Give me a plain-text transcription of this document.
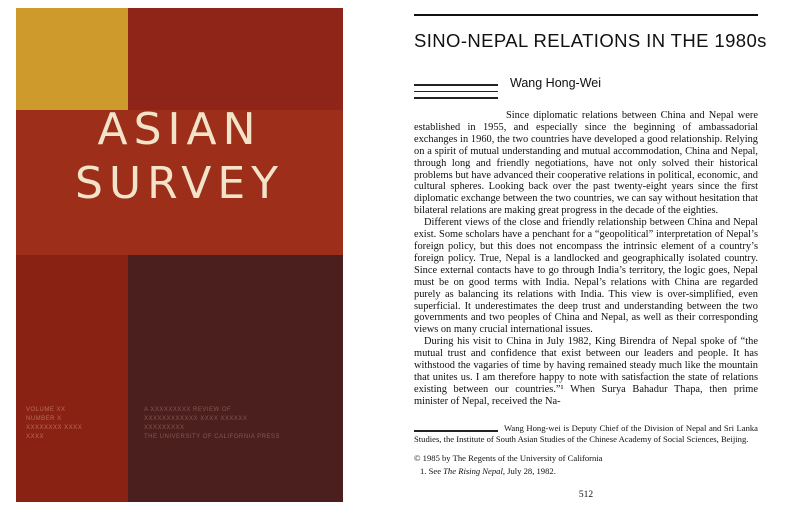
ASIAN
SURVEY
VOLUME XX
NUMBER X
XXXXXXXX XXXX
XXXX
A XXXXXXXXX REVIEW OF
XXXXXXXXXXXX XXXX XXXXXX
XXXXXXXXX
THE UNIVERSITY OF CALIFORNIA PRESS
SINO-NEPAL RELATIONS IN THE 1980s
Wang Hong-Wei

Since diplomatic relations between China and Nepal were established in 1955, and especially since the beginning of ambassadorial exchanges in 1960, the two countries have developed a good relationship. Relying on a spirit of mutual understanding and mutual accommodation, China and Nepal, through long and friendly negotiations, have not only solved their historical problems but have advanced their cooperative relations in political, economic, and cultural spheres. Looking back over the past twenty-eight years since the first diplomatic exchange between the two countries, we can say without hesitation that bilateral relations are making great progress in the decade of the eighties.

Different views of the close and friendly relationship between China and Nepal exist. Some scholars have a penchant for a “geopolitical” interpretation of Nepal’s foreign policy, but this does not encompass the intrinsic element of a country’s foreign policy. True, Nepal is a landlocked and geographically isolated country. Since external contacts have to go through India’s territory, the logic goes, Nepal must be on good terms with India. Nepal’s relations with China are regarded purely as balancing its relations with India. This view is over-simplified, even superficial. It underestimates the deep trust and understanding between the two governments and two peoples of China and Nepal, as well as their corresponding views on many crucial international issues.

During his visit to China in July 1982, King Birendra of Nepal spoke of “the mutual trust and confidence that exist between our leaders and people. It has withstood the vagaries of time by having remained steady much like the mountain that unites us. I am therefore happy to note with satisfaction the state of relations existing between our countries.”¹ When Surya Bahadur Thapa, then prime minister of Nepal, received the Na-

Wang Hong-wei is Deputy Chief of the Division of Nepal and Sri Lanka Studies, the Institute of South Asian Studies of the Chinese Academy of Social Sciences, Beijing.
© 1985 by The Regents of the University of California
1. See The Rising Nepal, July 28, 1982.
512
